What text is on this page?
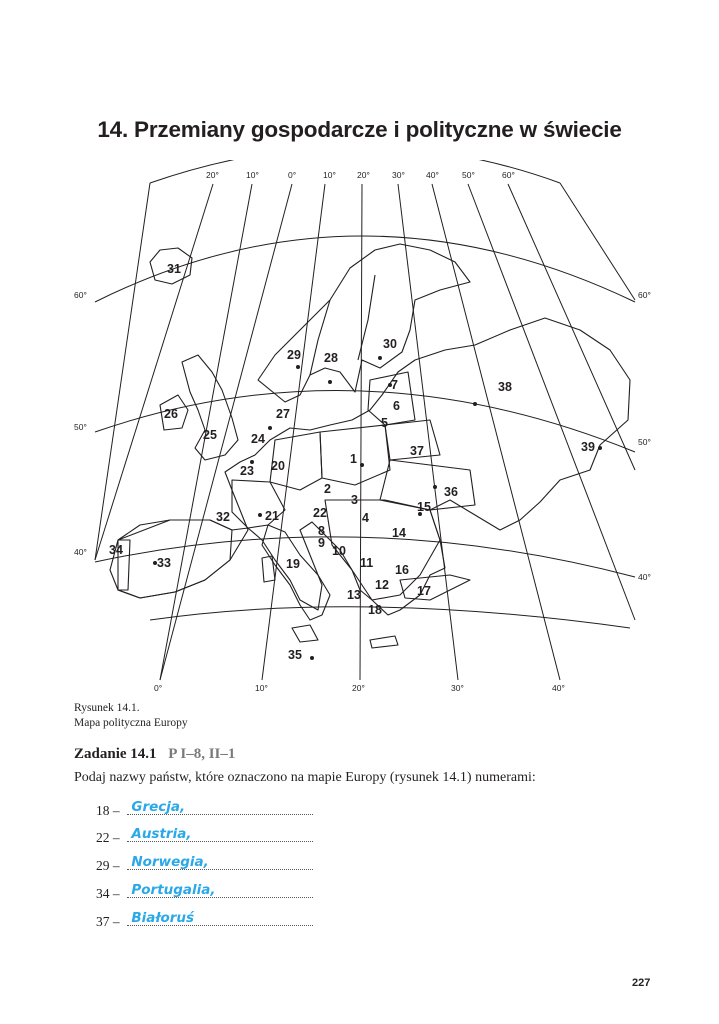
14. Przemiany gospodarcze i polityczne w świecie
20°	10°	0°	10° 20°	30° 40°	50°	60°
0°	10°	20°	30°	40°
60°
50°
40°
60°
50°
40°
1
2
3
4
5
6
7
8
9
10
11
12
13
14
15
16
17
18
19
20
21	22
23
24
25
26	27
28
29
30
31
32
33
34
35
36
37
38
39
Rysunek 14.1.
Mapa polityczna Europy
Zadanie 14.1 P I–8, II–1
Podaj nazwy państw, które oznaczono na mapie Europy (rysunek 14.1) numerami:
18 – Grecja,
22 – Austria,
29 – Norwegia,
34 – Portugalia,
37 – Białoruś
227
